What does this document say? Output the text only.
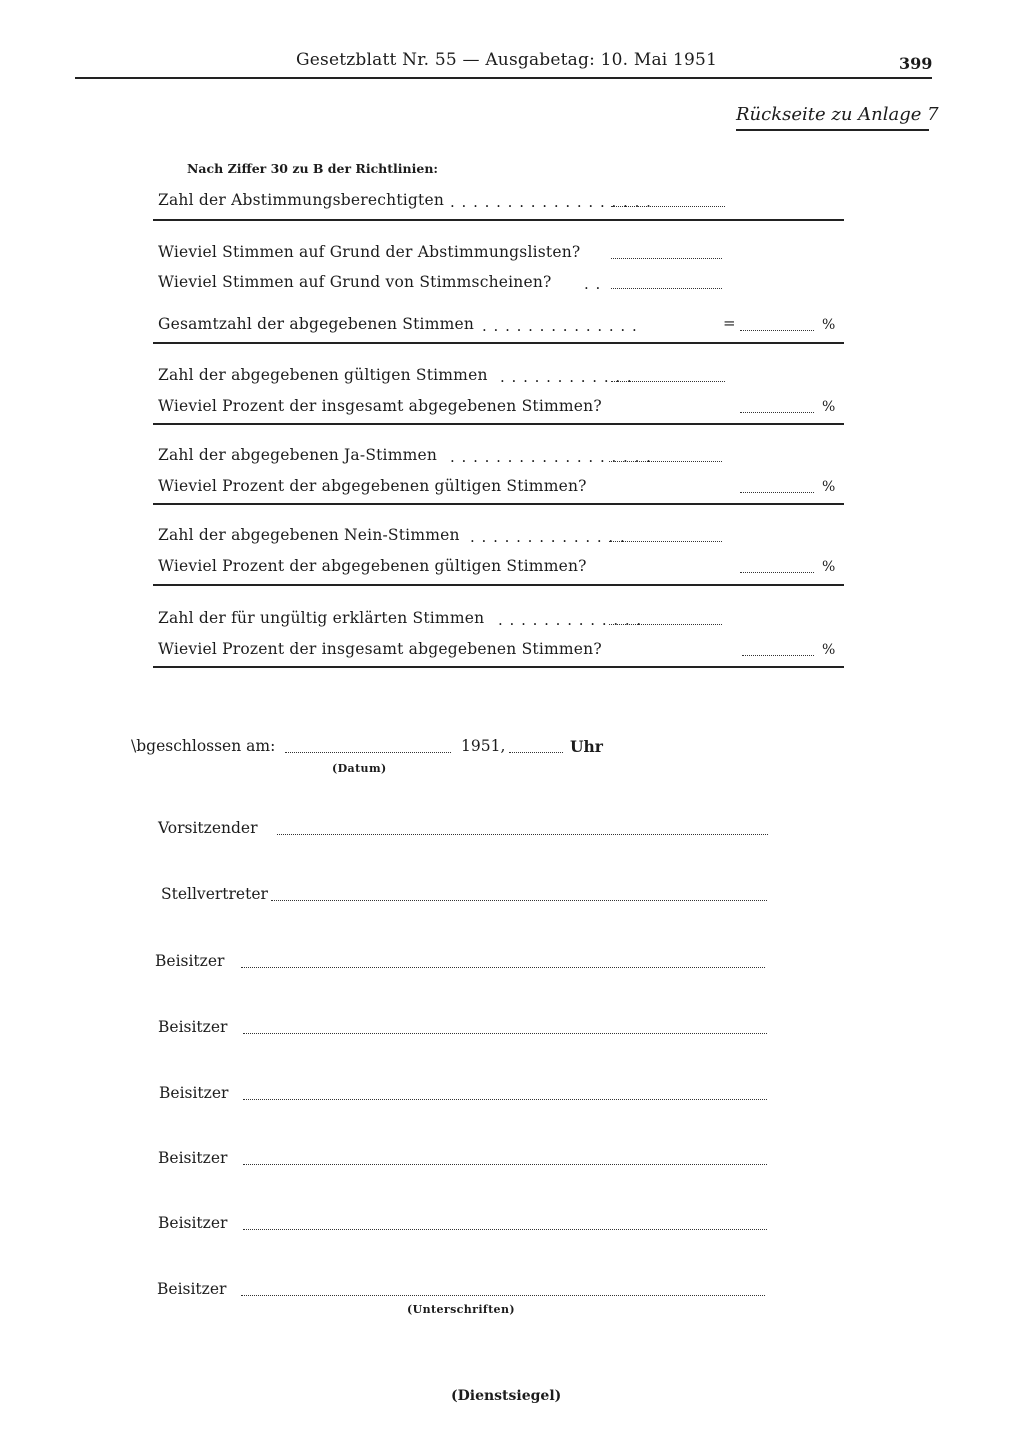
Gesetzblatt Nr. 55 — Ausgabetag: 10. Mai 1951	399
Rückseite zu Anlage 7
Nach Ziffer 30 zu B der Richtlinien:
Zahl der Abstimmungsberechtigten . . . . . . . . . . . . . . . . . .
Wieviel Stimmen auf Grund der Abstimmungslisten?
Wieviel Stimmen auf Grund von Stimmscheinen? . .
Gesamtzahl der abgegebenen Stimmen . . . . . . . . . . . . . .	=	%
Zahl der abgegebenen gültigen Stimmen . . . . . . . . . . . .
Wieviel Prozent der insgesamt abgegebenen Stimmen?	%
Zahl der abgegebenen Ja-Stimmen . . . . . . . . . . . . . . . . . .
Wieviel Prozent der abgegebenen gültigen Stimmen?	%
Zahl der abgegebenen Nein-Stimmen . . . . . . . . . . . . . .
Wieviel Prozent der abgegebenen gültigen Stimmen?	%
Zahl der für ungültig erklärten Stimmen . . . . . . . . . . . . .
Wieviel Prozent der insgesamt abgegebenen Stimmen?	%
\bgeschlossen am:	1951,	Uhr
(Datum)
Vorsitzender
Stellvertreter
Beisitzer
Beisitzer
Beisitzer
Beisitzer
Beisitzer
Beisitzer
(Unterschriften)
(Dienstsiegel)
